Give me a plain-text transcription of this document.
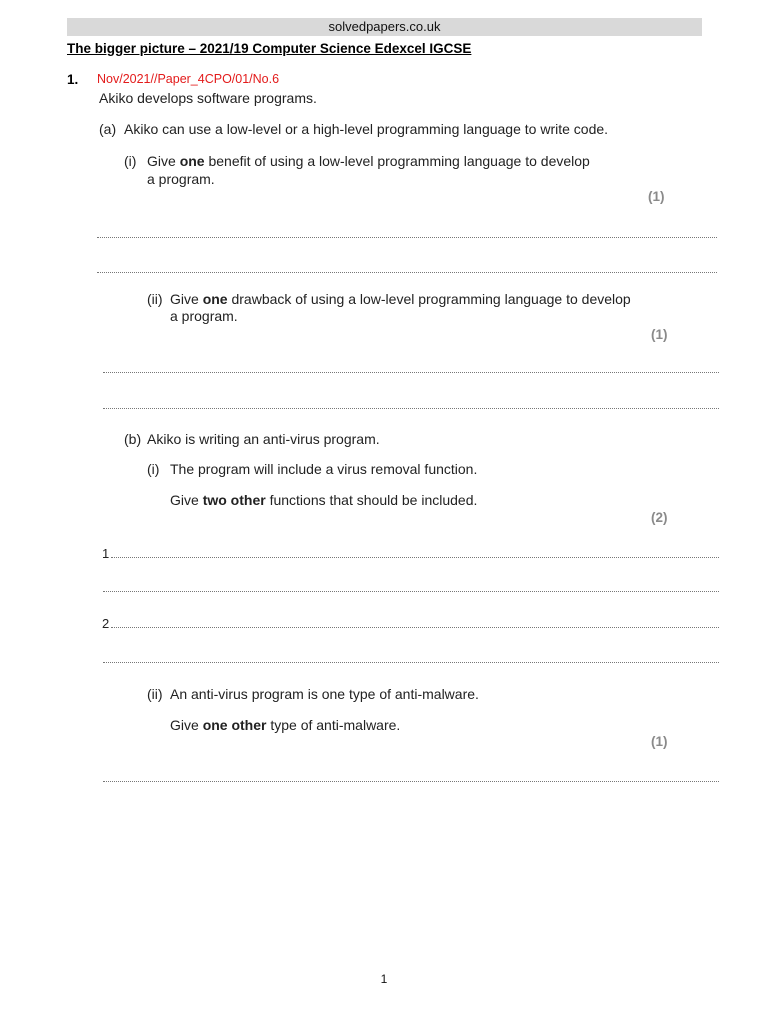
solvedpapers.co.uk
The bigger picture – 2021/19 Computer Science Edexcel IGCSE
1. Nov/2021//Paper_4CPO/01/No.6
Akiko develops software programs.
(a) Akiko can use a low-level or a high-level programming language to write code.
(i) Give one benefit of using a low-level programming language to develop
a program.
(1)
(ii) Give one drawback of using a low-level programming language to develop
a program.
(1)
(b) Akiko is writing an anti-virus program.
(i) The program will include a virus removal function.
Give two other functions that should be included.
(2)
1
2
(ii) An anti-virus program is one type of anti-malware.
Give one other type of anti-malware.
(1)
1
